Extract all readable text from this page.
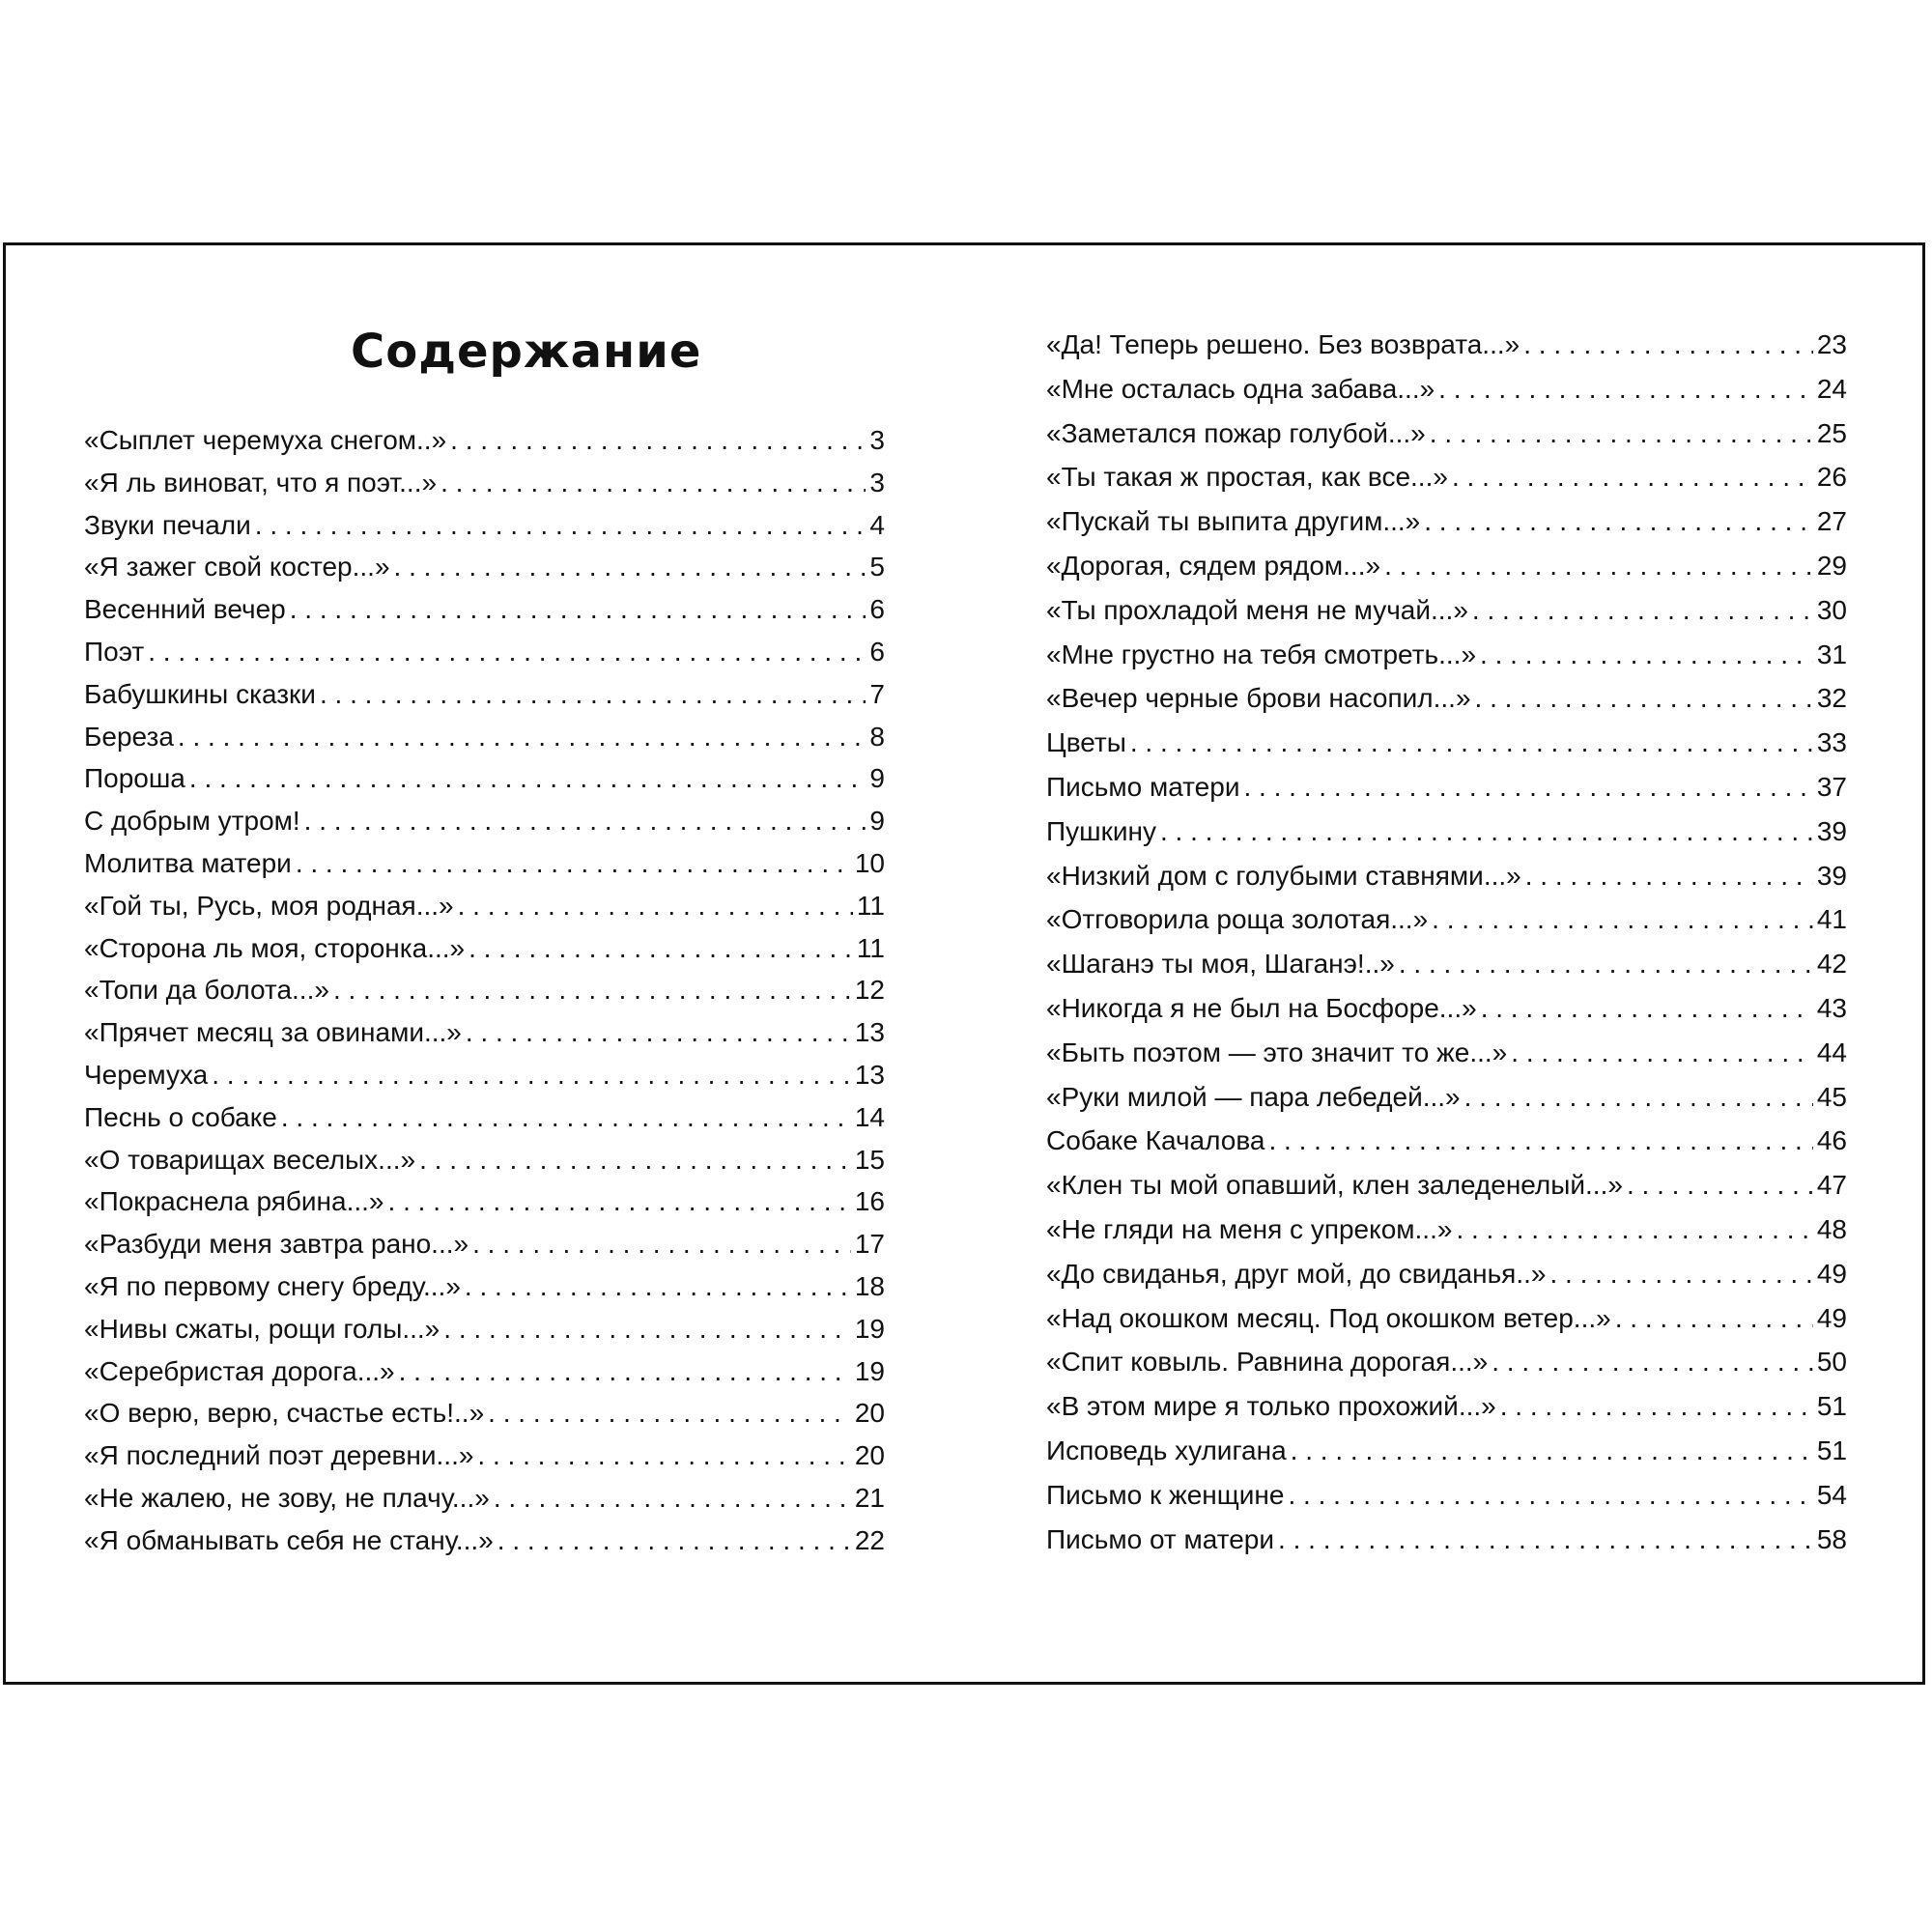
Содержание
«Сыплет черемуха снегом..» . . .	3
«Я ль виноват, что я поэт...» . . .	3
Звуки печали . . .	4
«Я зажег свой костер...» . . .	5
Весенний вечер . . .	6
Поэт . . .	6
Бабушкины сказки . . .	7
Береза . . .	8
Пороша . . .	9
С добрым утром! . . .	9
Молитва матери . . .	10
«Гой ты, Русь, моя родная...» . . .	11
«Сторона ль моя, сторонка...» . . .	11
«Топи да болота...» . . .	12
«Прячет месяц за овинами...» . . .	13
Черемуха . . .	13
Песнь о собаке . . .	14
«О товарищах веселых...» . . .	15
«Покраснела рябина...» . . .	16
«Разбуди меня завтра рано...» . . .	17
«Я по первому снегу бреду...» . . .	18
«Нивы сжаты, рощи голы...» . . .	19
«Серебристая дорога...» . . .	19
«О верю, верю, счастье есть!..» . . .	20
«Я последний поэт деревни...» . . .	20
«Не жалею, не зову, не плачу...» . . .	21
«Я обманывать себя не стану...» . . .	22
«Да! Теперь решено. Без возврата...» . . .	23
«Мне осталась одна забава...» . . .	24
«Заметался пожар голубой...» . . .	25
«Ты такая ж простая, как все...» . . .	26
«Пускай ты выпита другим...» . . .	27
«Дорогая, сядем рядом...» . . .	29
«Ты прохладой меня не мучай...» . . .	30
«Мне грустно на тебя смотреть...» . . .	31
«Вечер черные брови насопил...» . . .	32
Цветы . . .	33
Письмо матери . . .	37
Пушкину . . .	39
«Низкий дом с голубыми ставнями...» . . .	39
«Отговорила роща золотая...» . . .	41
«Шаганэ ты моя, Шаганэ!..» . . .	42
«Никогда я не был на Босфоре...» . . .	43
«Быть поэтом — это значит то же...» . . .	44
«Руки милой — пара лебедей...» . . .	45
Собаке Качалова . . .	46
«Клен ты мой опавший, клен заледенелый...» . . .	47
«Не гляди на меня с упреком...» . . .	48
«До свиданья, друг мой, до свиданья..» . . .	49
«Над окошком месяц. Под окошком ветер...» . . .	49
«Спит ковыль. Равнина дорогая...» . . .	50
«В этом мире я только прохожий...» . . .	51
Исповедь хулигана . . .	51
Письмо к женщине . . .	54
Письмо от матери . . .	58
